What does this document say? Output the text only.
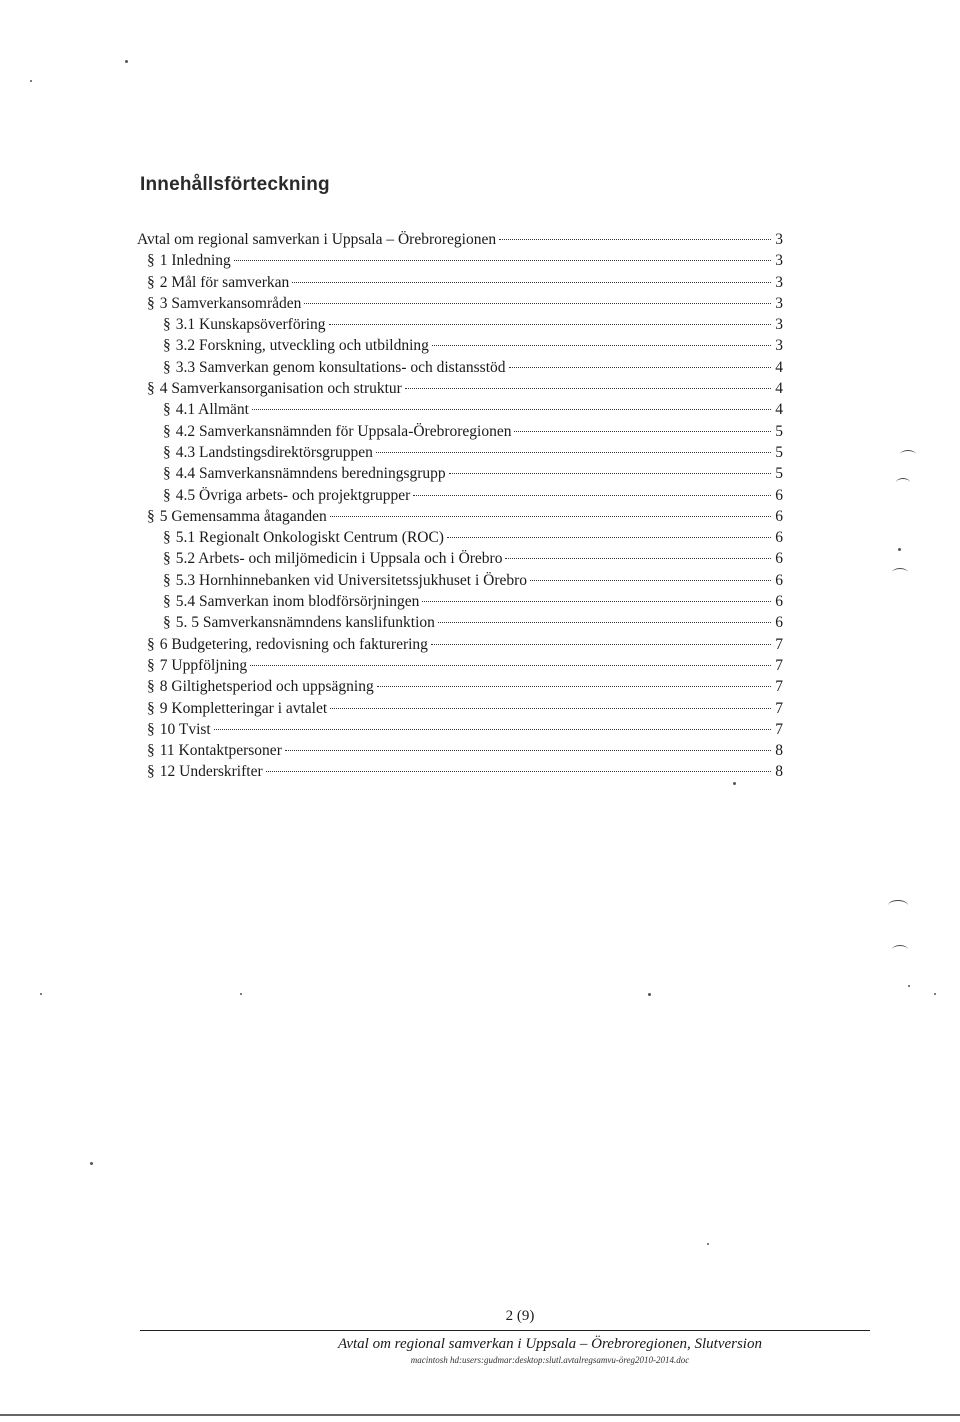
Innehållsförteckning
Avtal om regional samverkan i Uppsala – Örebroregionen	3
§ 1 Inledning	3
§ 2 Mål för samverkan	3
§ 3 Samverkansområden	3
§ 3.1 Kunskapsöverföring	3
§ 3.2 Forskning, utveckling och utbildning	3
§ 3.3 Samverkan genom konsultations- och distansstöd	4
§ 4 Samverkansorganisation och struktur	4
§ 4.1 Allmänt	4
§ 4.2 Samverkansnämnden för Uppsala-Örebroregionen	5
§ 4.3 Landstingsdirektörsgruppen	5
§ 4.4 Samverkansnämndens beredningsgrupp	5
§ 4.5 Övriga arbets- och projektgrupper	6
§ 5 Gemensamma åtaganden	6
§ 5.1 Regionalt Onkologiskt Centrum (ROC)	6
§ 5.2 Arbets- och miljömedicin i Uppsala och i Örebro	6
§ 5.3 Hornhinnebanken vid Universitetssjukhuset i Örebro	6
§ 5.4 Samverkan inom blodförsörjningen	6
§ 5. 5 Samverkansnämndens kanslifunktion	6
§ 6 Budgetering, redovisning och fakturering	7
§ 7 Uppföljning	7
§ 8 Giltighetsperiod och uppsägning	7
§ 9 Kompletteringar i avtalet	7
§ 10 Tvist	7
§ 11 Kontaktpersoner	8
§ 12 Underskrifter	8
2 (9)
Avtal om regional samverkan i Uppsala – Örebroregionen, Slutversion
macintosh hd:users:gudmar:desktop:slutl.avtalregsamvu-öreg2010-2014.doc
